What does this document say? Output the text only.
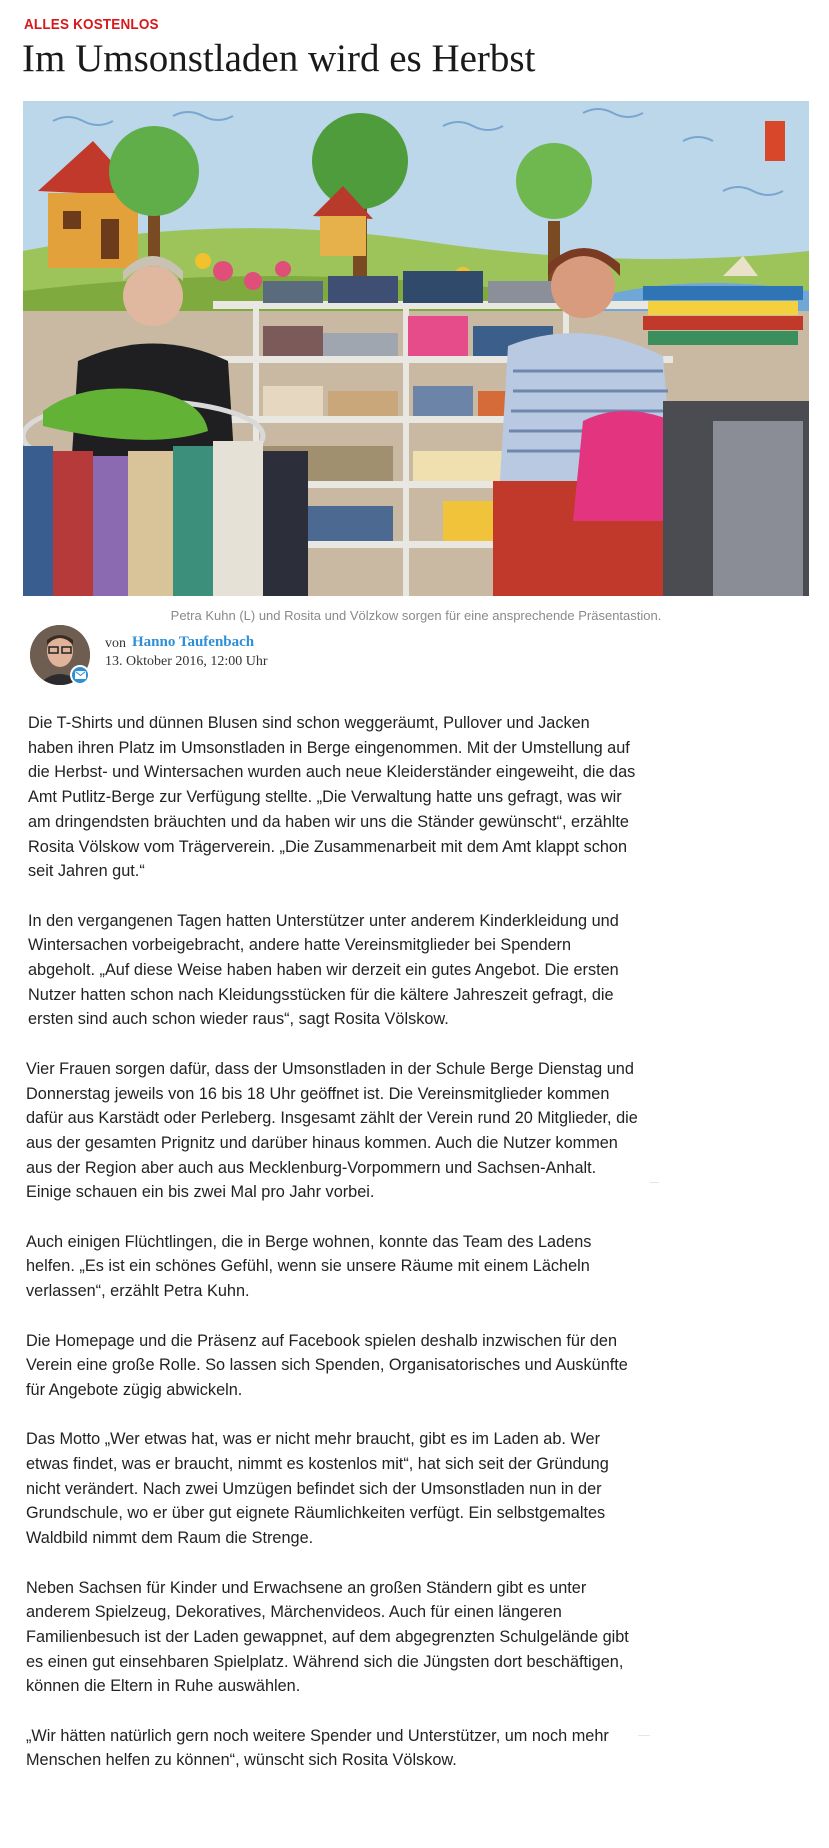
ALLES KOSTENLOS
Im Umsonstladen wird es Herbst
Petra Kuhn (L) und Rosita und Völzkow sorgen für eine ansprechende Präsentastion.
von Hanno Taufenbach
13. Oktober 2016, 12:00 Uhr

Die T-Shirts und dünnen Blusen sind schon weggeräumt, Pullover und Jacken haben ihren Platz im Umsonstladen in Berge eingenommen. Mit der Umstellung auf die Herbst- und Wintersachen wurden auch neue Kleiderständer eingeweiht, die das Amt Putlitz-Berge zur Verfügung stellte. „Die Verwaltung hatte uns gefragt, was wir am dringendsten bräuchten und da haben wir uns die Ständer gewünscht“, erzählte Rosita Völskow vom Trägerverein. „Die Zusammenarbeit mit dem Amt klappt schon seit Jahren gut.“

In den vergangenen Tagen hatten Unterstützer unter anderem Kinderkleidung und Wintersachen vorbeigebracht, andere hatte Vereinsmitglieder bei Spendern abgeholt. „Auf diese Weise haben haben wir derzeit ein gutes Angebot. Die ersten Nutzer hatten schon nach Kleidungsstücken für die kältere Jahreszeit gefragt, die ersten sind auch schon wieder raus“, sagt Rosita Völskow.

Vier Frauen sorgen dafür, dass der Umsonstladen in der Schule Berge Dienstag und Donnerstag jeweils von 16 bis 18 Uhr geöffnet ist. Die Vereinsmitglieder kommen dafür aus Karstädt oder Perleberg. Insgesamt zählt der Verein rund 20 Mitglieder, die aus der gesamten Prignitz und darüber hinaus kommen. Auch die Nutzer kommen aus der Region aber auch aus Mecklenburg-Vorpommern und Sachsen-Anhalt. Einige schauen ein bis zwei Mal pro Jahr vorbei.

Auch einigen Flüchtlingen, die in Berge wohnen, konnte das Team des Ladens helfen. „Es ist ein schönes Gefühl, wenn sie unsere Räume mit einem Lächeln verlassen“, erzählt Petra Kuhn.

Die Homepage und die Präsenz auf Facebook spielen deshalb inzwischen für den Verein eine große Rolle. So lassen sich Spenden, Organisatorisches und Auskünfte für Angebote zügig abwickeln.

Das Motto „Wer etwas hat, was er nicht mehr braucht, gibt es im Laden ab. Wer etwas findet, was er braucht, nimmt es kostenlos mit“, hat sich seit der Gründung nicht verändert. Nach zwei Umzügen befindet sich der Umsonstladen nun in der Grundschule, wo er über gut eignete Räumlichkeiten verfügt. Ein selbstgemaltes Waldbild nimmt dem Raum die Strenge.

Neben Sachsen für Kinder und Erwachsene an großen Ständern gibt es unter anderem Spielzeug, Dekoratives, Märchenvideos. Auch für einen längeren Familienbesuch ist der Laden gewappnet, auf dem abgegrenzten Schulgelände gibt es einen gut einsehbaren Spielplatz. Während sich die Jüngsten dort beschäftigen, können die Eltern in Ruhe auswählen.

„Wir hätten natürlich gern noch weitere Spender und Unterstützer, um noch mehr Menschen helfen zu können“, wünscht sich Rosita Völskow.
